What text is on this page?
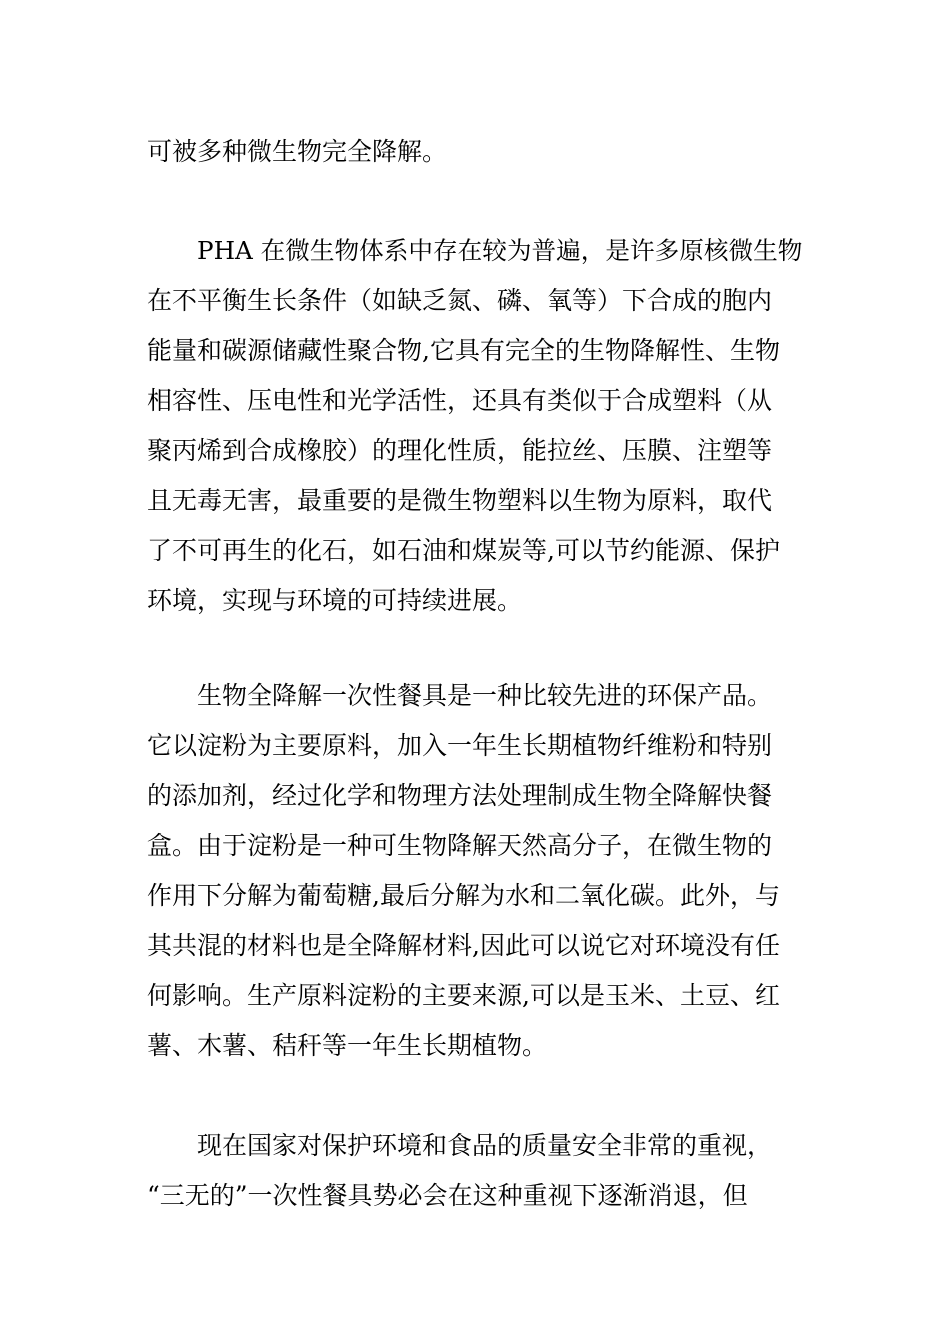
可被多种微生物完全降解。

PHA 在微生物体系中存在较为普遍，是许多原核微生物
在不平衡生长条件（如缺乏氮、磷、氧等）下合成的胞内
能量和碳源储藏性聚合物,它具有完全的生物降解性、生物
相容性、压电性和光学活性，还具有类似于合成塑料（从
聚丙烯到合成橡胶）的理化性质，能拉丝、压膜、注塑等
且无毒无害，最重要的是微生物塑料以生物为原料，取代
了不可再生的化石，如石油和煤炭等,可以节约能源、保护
环境，实现与环境的可持续进展。

生物全降解一次性餐具是一种比较先进的环保产品。
它以淀粉为主要原料，加入一年生长期植物纤维粉和特别
的添加剂，经过化学和物理方法处理制成生物全降解快餐
盒。由于淀粉是一种可生物降解天然高分子，在微生物的
作用下分解为葡萄糖,最后分解为水和二氧化碳。此外，与
其共混的材料也是全降解材料,因此可以说它对环境没有任
何影响。生产原料淀粉的主要来源,可以是玉米、土豆、红
薯、木薯、秸秆等一年生长期植物。

现在国家对保护环境和食品的质量安全非常的重视，
“三无的”一次性餐具势必会在这种重视下逐渐消退，但
